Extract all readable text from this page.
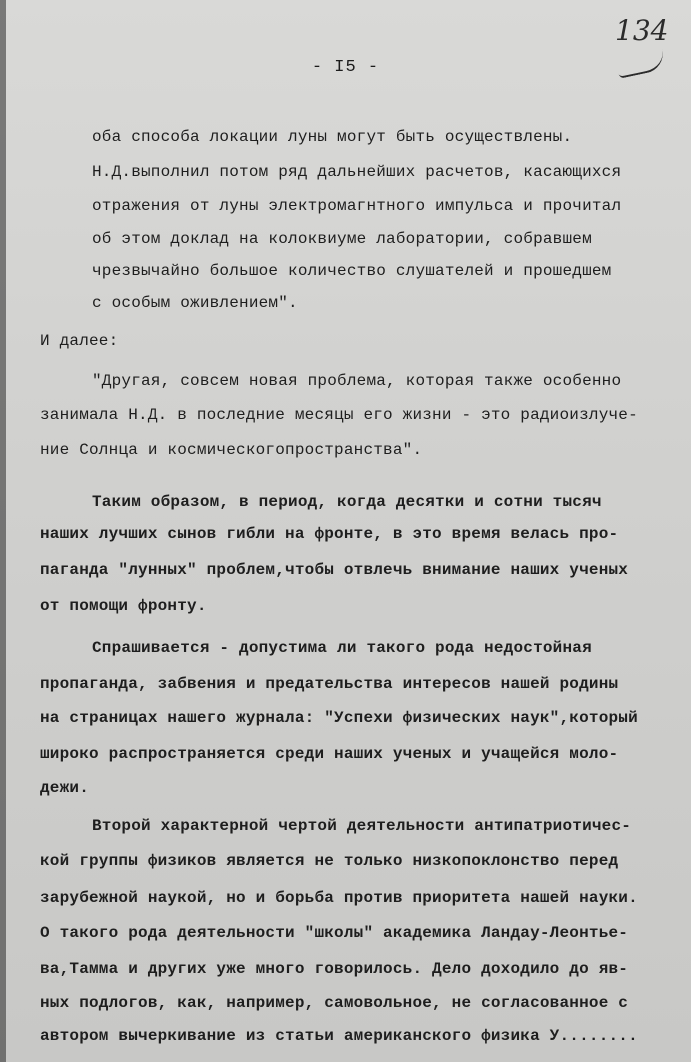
134
- I5 -
оба способа локации луны могут быть осуществлены.
Н.Д.выполнил потом ряд дальнейших расчетов, касающихся
отражения от луны электромагнтного импульса и прочитал
об этом доклад на колоквиуме лаборатории, собравшем
чрезвычайно большое количество слушателей и прошедшем
с особым оживлением".
И далее:
"Другая, совсем новая проблема, которая также особенно
занимала Н.Д. в последние месяцы его жизни - это радиоизлуче-
ние Солнца и космическогопространства".
Таким образом, в период, когда десятки и сотни тысяч
наших лучших сынов гибли на фронте, в это время велась про-
паганда "лунных" проблем,чтобы отвлечь внимание наших ученых
от помощи фронту.
Спрашивается - допустима ли такого рода недостойная
пропаганда, забвения и предательства интересов нашей родины
на страницах нашего журнала: "Успехи физических наук",который
широко распространяется среди наших ученых и учащейся моло-
дежи.
Второй характерной чертой деятельности антипатриотичес-
кой группы физиков является не только низкопоклонство перед
зарубежной наукой, но и борьба против приоритета нашей науки.
О такого рода деятельности "школы" академика Ландау-Леонтье-
ва,Тамма и других уже много говорилось. Дело доходило до яв-
ных подлогов, как, например, самовольное, не согласованное с
автором вычеркивание из статьи американского физика У........
